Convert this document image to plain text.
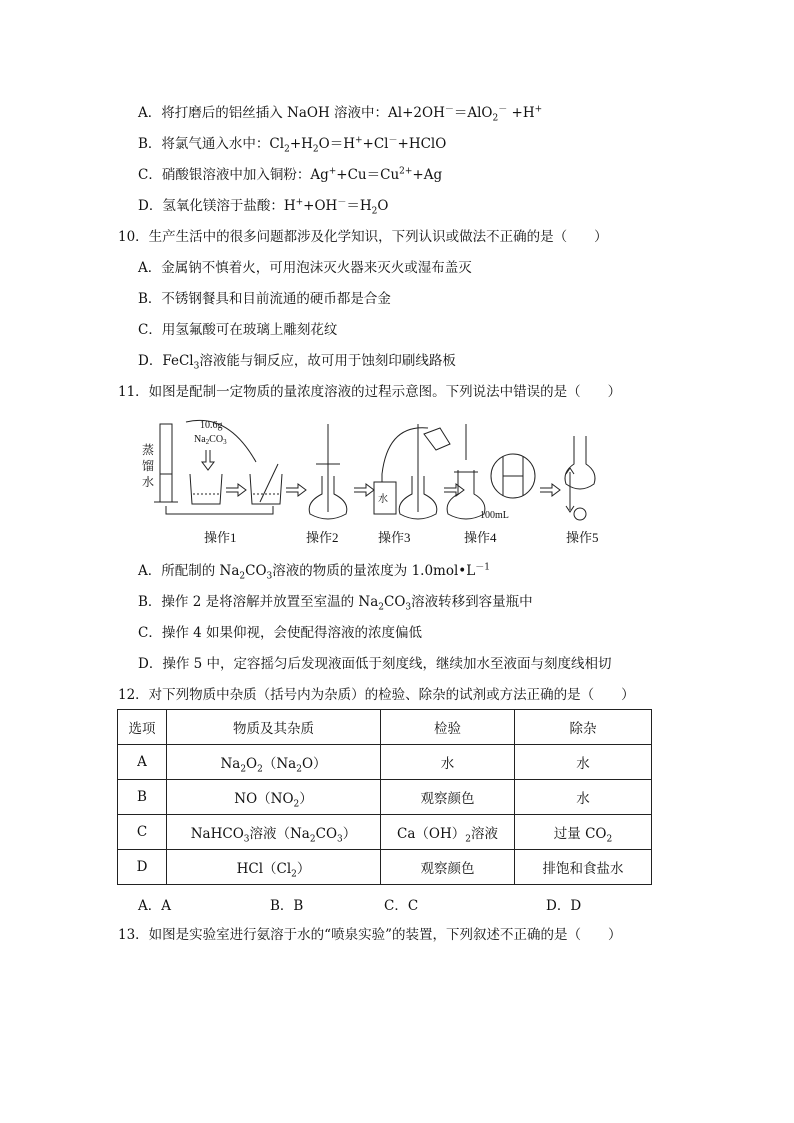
A．将打磨后的铝丝插入 NaOH 溶液中：Al+2OH－＝AlO$_2$－ +H+
B．将氯气通入水中：$Cl_2+H_2O=H^++Cl^-+HClO$
C．硝酸银溶液中加入铜粉：$Ag^++Cu=Cu^{2+}+Ag$
D．氢氧化镁溶于盐酸：$H^++OH^-=H_2O$
10．生产生活中的很多问题都涉及化学知识，下列认识或做法不正确的是（　　）
A．金属钠不慎着火，可用泡沫灭火器来灭火或湿布盖灭
B．不锈钢餐具和目前流通的硬币都是合金
C．用氢氟酸可在玻璃上雕刻花纹
D．FeCl$_3$溶液能与铜反应，故可用于蚀刻印刷线路板
11．如图是配制一定物质的量浓度溶液的过程示意图。下列说法中错误的是（　　）
10.6g
$Na_2CO_3$
水
100mL
蒸
馏
水
操作1	操作2	操作3	操作4	操作5
A．所配制的 $Na_2CO_3$溶液的物质的量浓度为 $1.0mol•L^{-1}$
B．操作 2 是将溶解并放置至室温的 $Na_2CO_3$溶液转移到容量瓶中
C．操作 4 如果仰视，会使配得溶液的浓度偏低
D．操作 5 中，定容摇匀后发现液面低于刻度线，继续加水至液面与刻度线相切
12．对下列物质中杂质（括号内为杂质）的检验、除杂的试剂或方法正确的是（　　）
选项	物质及其杂质	检验	除杂
A	$Na_2O_2(Na_2O)$	水	水
B	$NO(NO_2)$	观察颜色	水
C	NaHCO$_3$溶液$(Na_2CO_3)$	$Ca(OH)_2$溶液	过量 $CO_2$
D	$HCl(Cl_2)$	观察颜色	排饱和食盐水
A．A	B．B	C．C	D．D
13．如图是实验室进行氨溶于水的“喷泉实验”的装置，下列叙述不正确的是（　　）
